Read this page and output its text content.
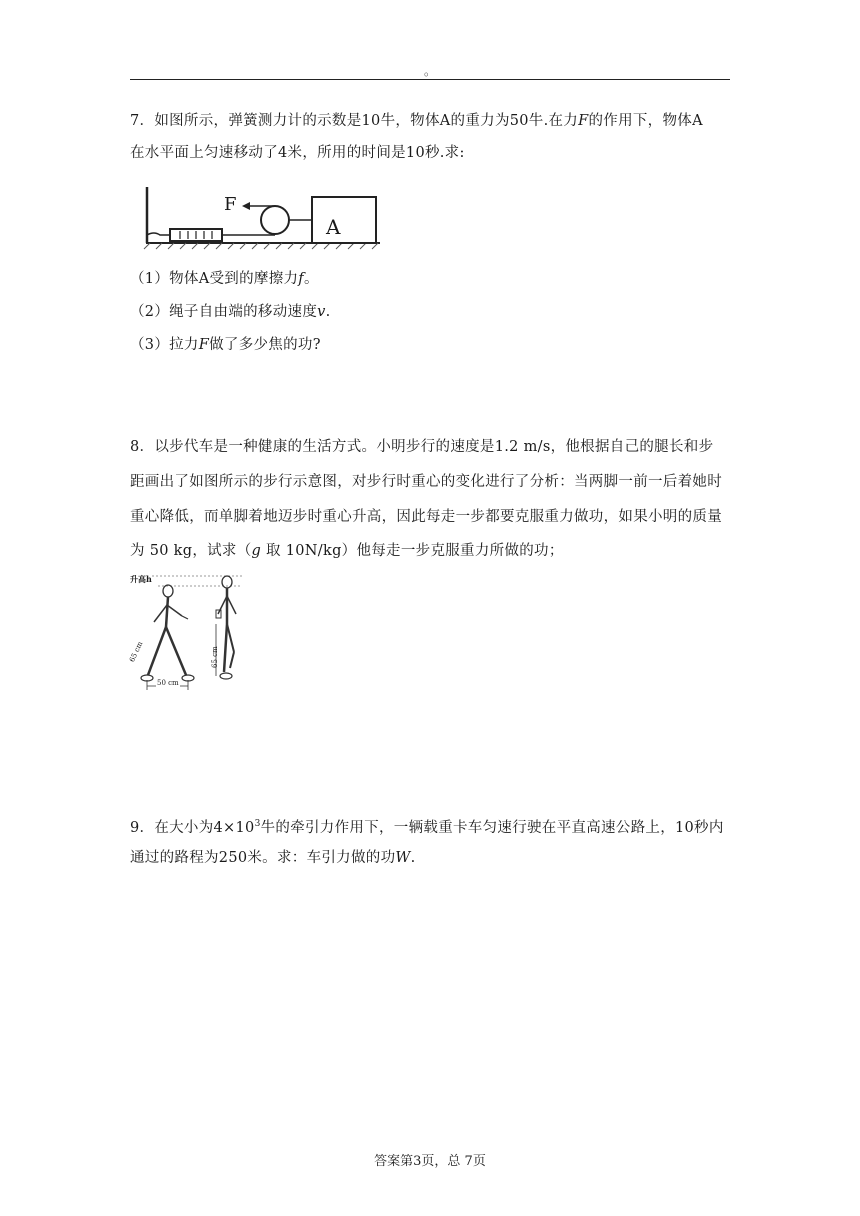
。
7．如图所示，弹簧测力计的示数是10牛，物体A的重力为50牛.在力F的作用下，物体A
在水平面上匀速移动了4米，所用的时间是10秒.求:
F
A
（1）物体A受到的摩擦力f。
（2）绳子自由端的移动速度v.
（3）拉力F做了多少焦的功?
8．以步代车是一种健康的生活方式。小明步行的速度是1.2 m/s，他根据自己的腿长和步
距画出了如图所示的步行示意图，对步行时重心的变化进行了分析：当两脚一前一后着她时
重心降低，而单脚着地迈步时重心升高，因此每走一步都要克服重力做功，如果小明的质量
为 50 kg，试求（g 取 10N/kg）他每走一步克服重力所做的功；
升高h
65 cm	65 cm
50 cm
9．在大小为$4\times 10^3$牛的牵引力作用下，一辆载重卡车匀速行驶在平直高速公路上，10秒内
通过的路程为250米。求：车引力做的功W.
答案第3页，总 7页
